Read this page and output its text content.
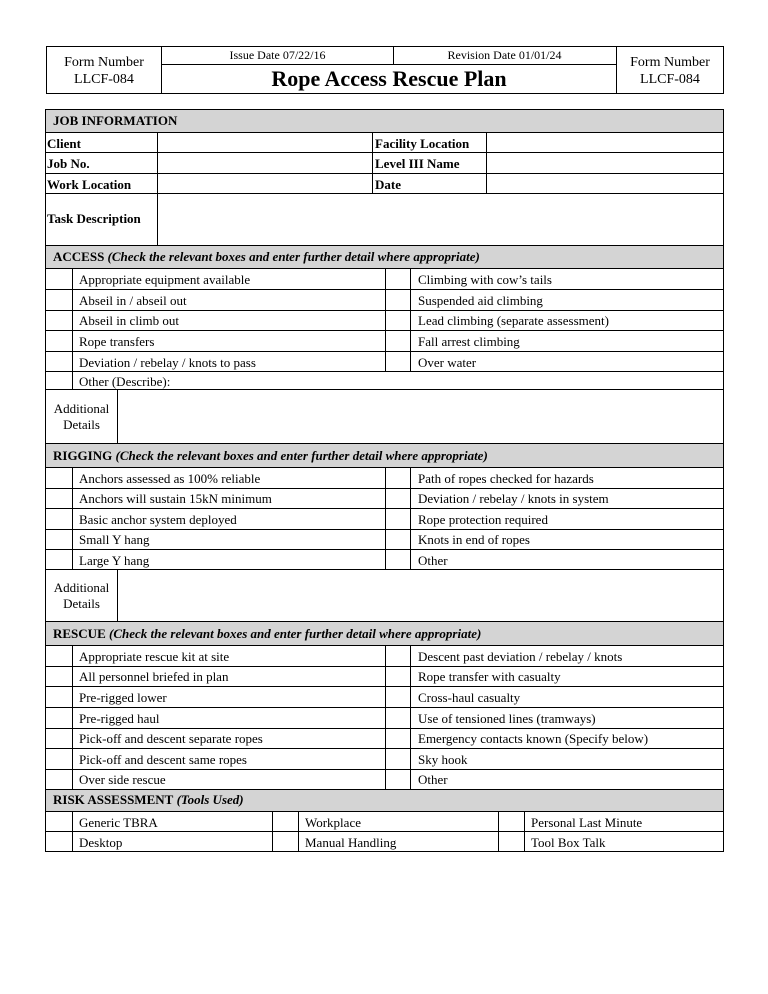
Form Number
LLCF-084
Issue Date 07/22/16	Revision Date 01/01/24
Rope Access Rescue Plan
Form Number
LLCF-084
JOB INFORMATION
Client
Job No.
Work Location
Facility Location
Level III Name
Date
Task Description
ACCESS (Check the relevant boxes and enter further detail where appropriate)
Appropriate equipment available
Abseil in / abseil out
Abseil in climb out
Rope transfers
Deviation / rebelay / knots to pass
Other (Describe):
Climbing with cow’s tails
Suspended aid climbing
Lead climbing (separate assessment)
Fall arrest climbing
Over water
Additional
Details
RIGGING (Check the relevant boxes and enter further detail where appropriate)
Anchors assessed as 100% reliable
Anchors will sustain 15kN minimum
Basic anchor system deployed
Small Y hang
Large Y hang
Path of ropes checked for hazards
Deviation / rebelay / knots in system
Rope protection required
Knots in end of ropes
Other
Additional
Details
RESCUE (Check the relevant boxes and enter further detail where appropriate)
Appropriate rescue kit at site
All personnel briefed in plan
Pre-rigged lower
Pre-rigged haul
Pick-off and descent separate ropes
Pick-off and descent same ropes
Over side rescue
Descent past deviation / rebelay / knots
Rope transfer with casualty
Cross-haul casualty
Use of tensioned lines (tramways)
Emergency contacts known (Specify below)
Sky hook
Other
RISK ASSESSMENT (Tools Used)
Generic TBRA
Desktop
Workplace
Manual Handling
Personal Last Minute
Tool Box Talk
